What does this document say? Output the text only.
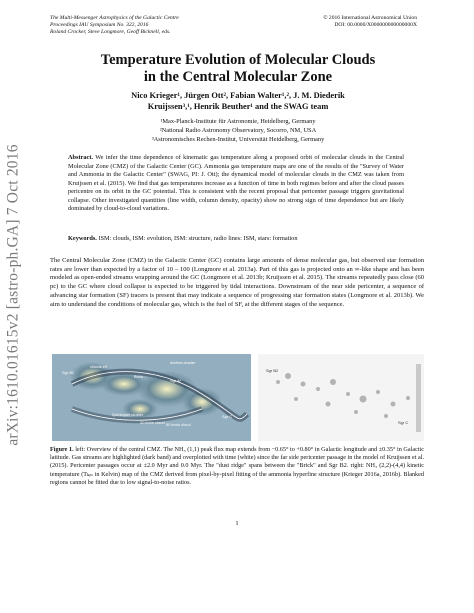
arXiv:1610.01615v2 [astro-ph.GA] 7 Oct 2016
The Multi-Messenger Astrophysics of the Galactic Centre
Proceedings IAU Symposium No. 322, 2016
Roland Crocker, Steve Longmore, Geoff Bicknell, eds.
© 2016 International Astronomical Union
DOI: 00.0000/X000000000000000X
Temperature Evolution of Molecular Clouds
in the Central Molecular Zone
Nico Krieger¹, Jürgen Ott², Fabian Walter¹,², J. M. Diederik
Kruijssen³,¹, Henrik Beuther¹ and the SWAG team
¹Max-Planck-Institute für Astronomie, Heidelberg, Germany
²National Radio Astronomy Observatory, Socorro, NM, USA
³Astronomisches Rechen-Institut, Universität Heidelberg, Germany
Abstract. We infer the time dependence of kinematic gas temperature along a proposed orbit of molecular clouds in the Central Molecular Zone (CMZ) of the Galactic Center (GC). Ammonia gas temperature maps are one of the results of the "Survey of Water and Ammonia in the Galactic Center" (SWAG, PI: J. Ott); the dynamical model of molecular clouds in the CMZ was taken from Kruijssen et al. (2015). We find that gas temperatures increase as a function of time in both regimes before and after the cloud passes pericentre on its orbit in the GC potential. This is consistent with the recent proposal that pericenter passage triggers gravitational collapse. Other investigated quantities (line width, column density, opacity) show no strong sign of time dependence but are likely dominated by cloud-to-cloud variations.
Keywords. ISM: clouds, ISM: evolution, ISM: structure, radio lines: ISM, stars: formation
The Central Molecular Zone (CMZ) in the Galactic Center (GC) contains large amounts of dense molecular gas, but observed star formation rates are lower than expected by a factor of 10 – 100 (Longmore et al. 2013a). Part of this gas is projected onto an ∞-like shape and has been modeled as open-ended streams wrapping around the GC (Longmore et al. 2013b; Kruijssen et al. 2015). The streams repeatedly pass close (60 pc) to the GC where cloud collapse is expected to be triggered by tidal interactions. Downstream of the near side pericenter, a sequence of advancing star formation (SF) tracers is present that may indicate a sequence of progressing star formation states (Longmore et al. 2013b). We aim to understand the conditions of molecular gas, which is the fuel of SF, at the different stages of the sequence.
Sgr B2
clouds e/f
Brick
Sgr A*
Arches cluster
Quintuplet cluster
20 km/s cloud 50 km/s cloud
Sgr C
Sgr B2
Sgr C
Figure 1. left: Overview of the central CMZ. The NH₃ (1,1) peak flux map extends from −0.65° to +0.80° in Galactic longitude and ±0.35° in Galactic latitude. Gas streams are highlighted (dark band) and overplotted with time (white) since the far side pericenter passage in the model of Kruijssen et al. (2015). Pericenter passages occur at ±2.0 Myr and 0.0 Myr. The "dust ridge" spans between the "Brick" and Sgr B2. right: NH₃ (2,2)-(4,4) kinetic temperature (Tₖᵢₙ in Kelvin) map of the CMZ derived from pixel-by-pixel fitting of the ammonia hyperfine structure (Krieger 2016a, 2016b). Blanked regions cannot be fitted due to low signal-to-noise ratios.
1
